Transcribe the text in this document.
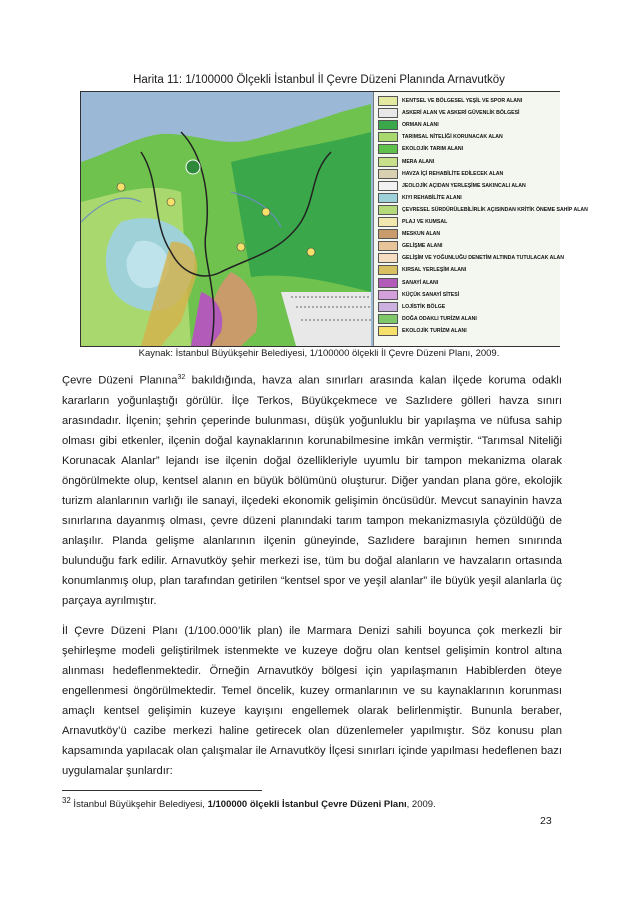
Harita 11: 1/100000 Ölçekli İstanbul İl Çevre Düzeni Planında Arnavutköy
KENTSEL VE BÖLGESEL YEŞİL VE SPOR ALANI
ASKERİ ALAN VE ASKERİ GÜVENLİK BÖLGESİ
ORMAN ALANI
TARIMSAL NİTELİĞİ KORUNACAK ALAN
EKOLOJİK TARIM ALANI
MERA ALANI
HAVZA İÇİ REHABİLİTE EDİLECEK ALAN
JEOLOJİK AÇIDAN YERLEŞİME SAKINCALI ALAN
KIYI REHABİLİTE ALANI
ÇEVRESEL SÜRDÜRÜLEBİLİRLİK AÇISINDAN KRİTİK ÖNEME SAHİP ALAN
PLAJ VE KUMSAL
MESKUN ALAN
GELİŞME ALANI
GELİŞİM VE YOĞUNLUĞU DENETİM ALTINDA TUTULACAK ALAN
KIRSAL YERLEŞİM ALANI
SANAYİ ALANI
KÜÇÜK SANAYİ SİTESİ
LOJİSTİK BÖLGE
DOĞA ODAKLI TURİZM ALANI
EKOLOJİK TURİZM ALANI
Kaynak: İstanbul Büyükşehir Belediyesi, 1/100000 ölçekli İl Çevre Düzeni Planı, 2009.

Çevre Düzeni Planına$^{32}$ bakıldığında, havza alan sınırları arasında kalan ilçede koruma odaklı kararların yoğunlaştığı görülür. İlçe Terkos, Büyükçekmece ve Sazlıdere gölleri havza sınırı arasındadır. İlçenin; şehrin çeperinde bulunması, düşük yoğunluklu bir yapılaşma ve nüfusa sahip olması gibi etkenler, ilçenin doğal kaynaklarının korunabilmesine imkân vermiştir. “Tarımsal Niteliği Korunacak Alanlar” lejandı ise ilçenin doğal özellikleriyle uyumlu bir tampon mekanizma olarak öngörülmekte olup, kentsel alanın en büyük bölümünü oluşturur. Diğer yandan plana göre, ekolojik turizm alanlarının varlığı ile sanayi, ilçedeki ekonomik gelişimin öncüsüdür. Mevcut sanayinin havza sınırlarına dayanmış olması, çevre düzeni planındaki tarım tampon mekanizmasıyla çözüldüğü de anlaşılır. Planda gelişme alanlarının ilçenin güneyinde, Sazlıdere barajının hemen sınırında bulunduğu fark edilir. Arnavutköy şehir merkezi ise, tüm bu doğal alanların ve havzaların ortasında konumlanmış olup, plan tarafından getirilen “kentsel spor ve yeşil alanlar” ile büyük yeşil alanlarla üç parçaya ayrılmıştır.

İl Çevre Düzeni Planı (1/100.000’lik plan) ile Marmara Denizi sahili boyunca çok merkezli bir şehirleşme modeli geliştirilmek istenmekte ve kuzeye doğru olan kentsel gelişimin kontrol altına alınması hedeflenmektedir. Örneğin Arnavutköy bölgesi için yapılaşmanın Habiblerden öteye engellenmesi öngörülmektedir. Temel öncelik, kuzey ormanlarının ve su kaynaklarının korunması amaçlı kentsel gelişimin kuzeye kayışını engellemek olarak belirlenmiştir. Bununla beraber, Arnavutköy’ü cazibe merkezi haline getirecek olan düzenlemeler yapılmıştır. Söz konusu plan kapsamında yapılacak olan çalışmalar ile Arnavutköy İlçesi sınırları içinde yapılması hedeflenen bazı uygulamalar şunlardır:

$^{32}$ İstanbul Büyükşehir Belediyesi, 1/100000 ölçekli İstanbul Çevre Düzeni Planı, 2009.
23
